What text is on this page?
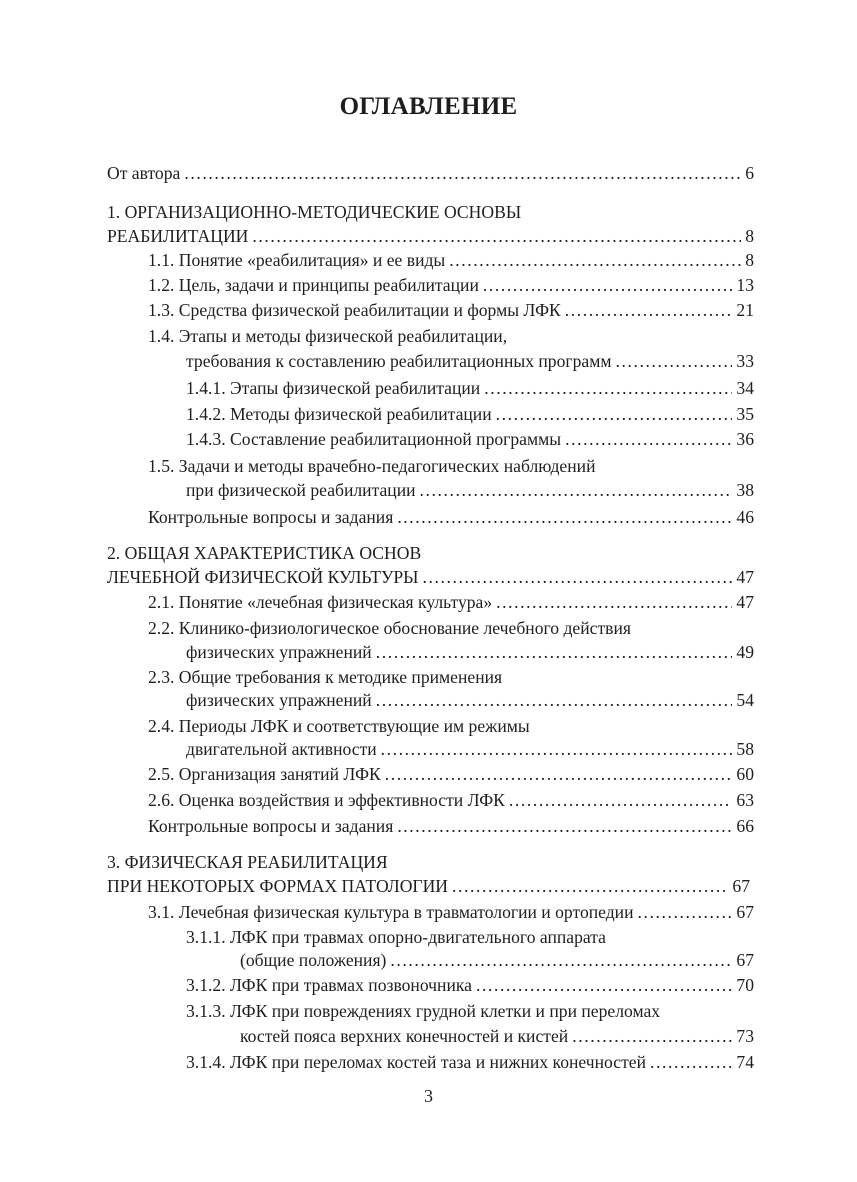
ОГЛАВЛЕНИЕ
От автора .....	6
1. ОРГАНИЗАЦИОННО-МЕТОДИЧЕСКИЕ ОСНОВЫ
РЕАБИЛИТАЦИИ .....	8
1.1. Понятие «реабилитация» и ее виды .....	8
1.2. Цель, задачи и принципы реабилитации .....	13
1.3. Средства физической реабилитации и формы ЛФК .....	21
1.4. Этапы и методы физической реабилитации,
требования к составлению реабилитационных программ .....	33
1.4.1. Этапы физической реабилитации .....	34
1.4.2. Методы физической реабилитации .....	35
1.4.3. Составление реабилитационной программы .....	36
1.5. Задачи и методы врачебно-педагогических наблюдений
при физической реабилитации .....	38
Контрольные вопросы и задания .....	46
2. ОБЩАЯ ХАРАКТЕРИСТИКА ОСНОВ
ЛЕЧЕБНОЙ ФИЗИЧЕСКОЙ КУЛЬТУРЫ .....	47
2.1. Понятие «лечебная физическая культура» .....	47
2.2. Клинико-физиологическое обоснование лечебного действия
физических упражнений .....	49
2.3. Общие требования к методике применения
физических упражнений .....	54
2.4. Периоды ЛФК и соответствующие им режимы
двигательной активности .....	58
2.5. Организация занятий ЛФК .....	60
2.6. Оценка воздействия и эффективности ЛФК .....	63
Контрольные вопросы и задания .....	66
3. ФИЗИЧЕСКАЯ РЕАБИЛИТАЦИЯ
ПРИ НЕКОТОРЫХ ФОРМАХ ПАТОЛОГИИ .....	67
3.1. Лечебная физическая культура в травматологии и ортопедии .....	67
3.1.1. ЛФК при травмах опорно-двигательного аппарата
(общие положения) .....	67
3.1.2. ЛФК при травмах позвоночника .....	70
3.1.3. ЛФК при повреждениях грудной клетки и при переломах
костей пояса верхних конечностей и кистей .....	73
3.1.4. ЛФК при переломах костей таза и нижних конечностей .....	74
3
